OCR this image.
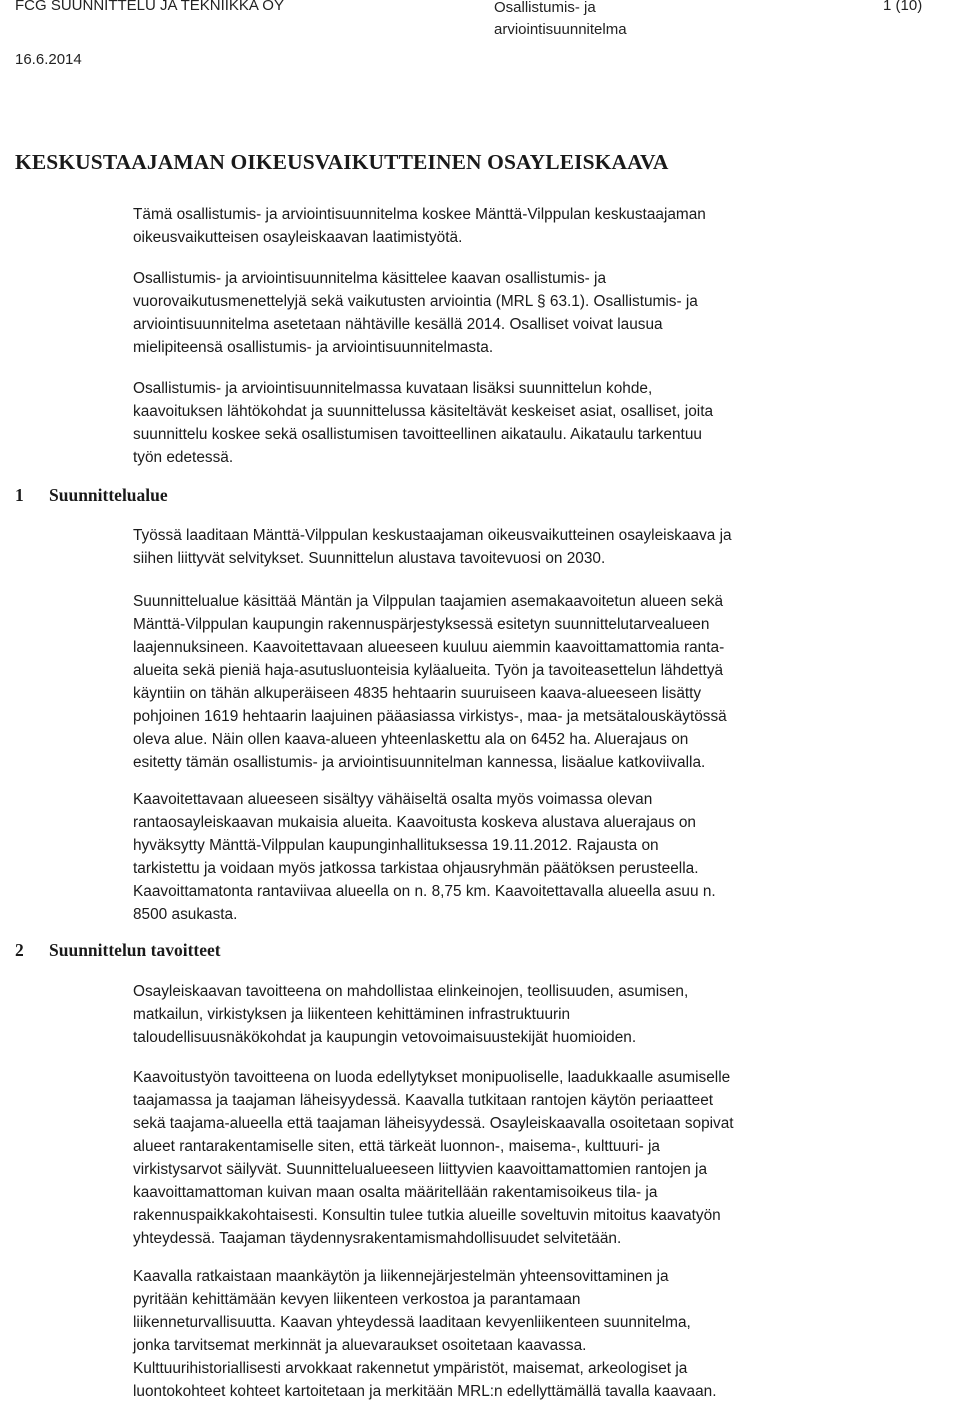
FCG SUUNNITTELU JA TEKNIIKKA OY	Osallistumis- ja arviointisuunnitelma
1 (10)
16.6.2014
KESKUSTAAJAMAN OIKEUSVAIKUTTEINEN OSAYLEISKAAVA
1 Suunnittelualue
2 Suunnittelun tavoitteet

Tämä osallistumis- ja arviointisuunnitelma koskee Mänttä-Vilppulan keskustaajaman
oikeusvaikutteisen osayleiskaavan laatimistyötä.

Osallistumis- ja arviointisuunnitelma käsittelee kaavan osallistumis- ja
vuorovaikutusmenettelyjä sekä vaikutusten arviointia (MRL § 63.1). Osallistumis- ja
arviointisuunnitelma asetetaan nähtäville kesällä 2014. Osalliset voivat lausua
mielipiteensä osallistumis- ja arviointisuunnitelmasta.

Osallistumis- ja arviointisuunnitelmassa kuvataan lisäksi suunnittelun kohde,
kaavoituksen lähtökohdat ja suunnittelussa käsiteltävät keskeiset asiat, osalliset, joita
suunnittelu koskee sekä osallistumisen tavoitteellinen aikataulu. Aikataulu tarkentuu
työn edetessä.

Työssä laaditaan Mänttä-Vilppulan keskustaajaman oikeusvaikutteinen osayleiskaava ja
siihen liittyvät selvitykset. Suunnittelun alustava tavoitevuosi on 2030.

Suunnittelualue käsittää Mäntän ja Vilppulan taajamien asemakaavoitetun alueen sekä
Mänttä-Vilppulan kaupungin rakennuspärjestyksessä esitetyn suunnittelutarvealueen
laajennuksineen. Kaavoitettavaan alueeseen kuuluu aiemmin kaavoittamattomia ranta-
alueita sekä pieniä haja-asutusluonteisia kyläalueita. Työn ja tavoiteasettelun lähdettyä
käyntiin on tähän alkuperäiseen 4835 hehtaarin suuruiseen kaava-alueeseen lisätty
pohjoinen 1619 hehtaarin laajuinen pääasiassa virkistys-, maa- ja metsätalouskäytössä
oleva alue. Näin ollen kaava-alueen yhteenlaskettu ala on 6452 ha. Aluerajaus on
esitetty tämän osallistumis- ja arviointisuunnitelman kannessa, lisäalue katkoviivalla.

Kaavoitettavaan alueeseen sisältyy vähäiseltä osalta myös voimassa olevan
rantaosayleiskaavan mukaisia alueita. Kaavoitusta koskeva alustava aluerajaus on
hyväksytty Mänttä-Vilppulan kaupunginhallituksessa 19.11.2012. Rajausta on
tarkistettu ja voidaan myös jatkossa tarkistaa ohjausryhmän päätöksen perusteella.
Kaavoittamatonta rantaviivaa alueella on n. 8,75 km. Kaavoitettavalla alueella asuu n.
8500 asukasta.

Osayleiskaavan tavoitteena on mahdollistaa elinkeinojen, teollisuuden, asumisen,
matkailun, virkistyksen ja liikenteen kehittäminen infrastruktuurin
taloudellisuusnäkökohdat ja kaupungin vetovoimaisuustekijät huomioiden.

Kaavoitustyön tavoitteena on luoda edellytykset monipuoliselle, laadukkaalle asumiselle
taajamassa ja taajaman läheisyydessä. Kaavalla tutkitaan rantojen käytön periaatteet
sekä taajama-alueella että taajaman läheisyydessä. Osayleiskaavalla osoitetaan sopivat
alueet rantarakentamiselle siten, että tärkeät luonnon-, maisema-, kulttuuri- ja
virkistysarvot säilyvät. Suunnittelualueeseen liittyvien kaavoittamattomien rantojen ja
kaavoittamattoman kuivan maan osalta määritellään rakentamisoikeus tila- ja
rakennuspaikkakohtaisesti. Konsultin tulee tutkia alueille soveltuvin mitoitus kaavatyön
yhteydessä. Taajaman täydennysrakentamismahdollisuudet selvitetään.

Kaavalla ratkaistaan maankäytön ja liikennejärjestelmän yhteensovittaminen ja
pyritään kehittämään kevyen liikenteen verkostoa ja parantamaan
liikenneturvallisuutta. Kaavan yhteydessä laaditaan kevyenliikenteen suunnitelma,
jonka tarvitsemat merkinnät ja aluevaraukset osoitetaan kaavassa.
Kulttuurihistoriallisesti arvokkaat rakennetut ympäristöt, maisemat, arkeologiset ja
luontokohteet kohteet kartoitetaan ja merkitään MRL:n edellyttämällä tavalla kaavaan.
